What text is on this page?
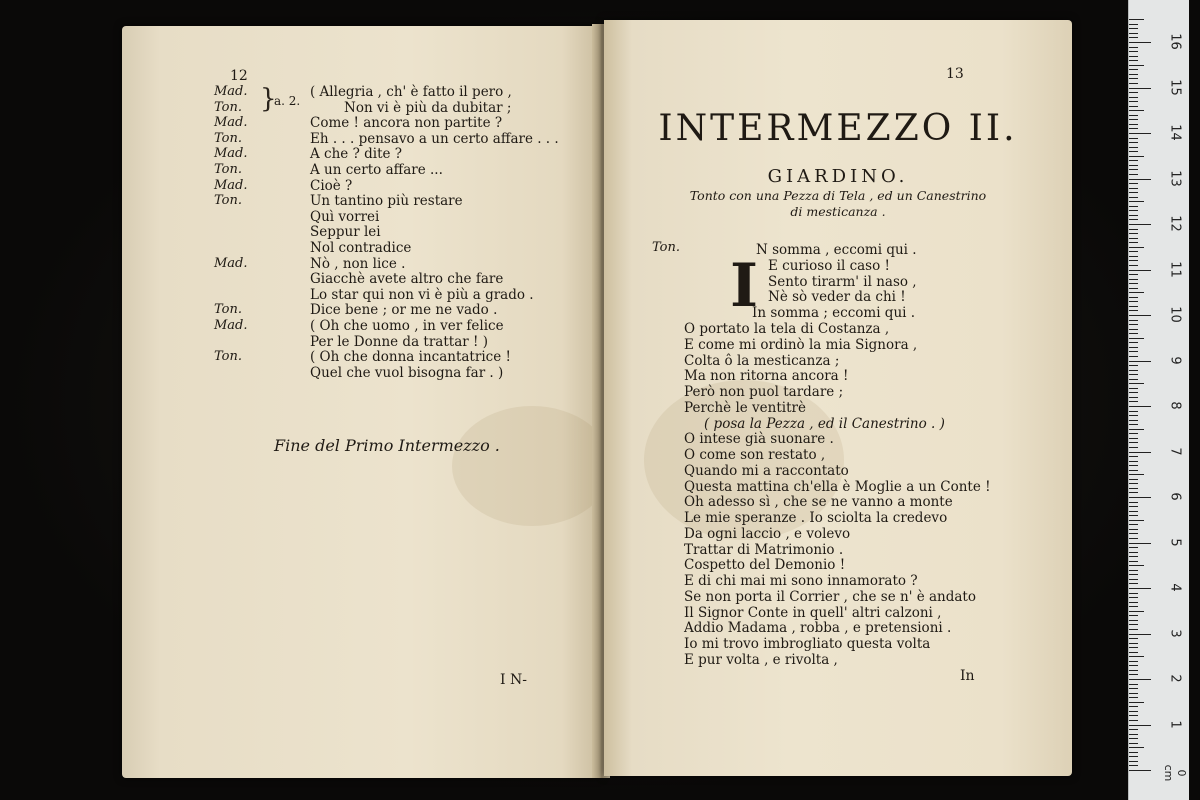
12
}
a. 2.
Mad.	( Allegria , ch' è fatto il pero ,
Ton.	Non vi è più da dubitar ;
Mad.	Come ! ancora non partite ?
Ton.	Eh . . . pensavo a un certo affare . . .
Mad.	A che ? dite ?
Ton.	A un certo affare ...
Mad.	Cioè ?
Ton.	Un tantino più restare
Quì vorrei
Seppur lei
Nol contradice
Mad.	Nò , non lice .
Giacchè avete altro che fare
Lo star qui non vi è più a grado .
Ton.	Dice bene ; or me ne vado .
Mad.	( Oh che uomo , in ver felice
Per le Donne da trattar ! )
Ton.	( Oh che donna incantatrice !
Quel che vuol bisogna far . )
Fine del Primo Intermezzo .
I N-
13
INTERMEZZO II.
GIARDINO.
Tonto con una Pezza di Tela , ed un Canestrino
di mesticanza .
Ton.
I
N somma , eccomi qui .
E curioso il caso !
Sento tirarm' il naso ,
Nè sò veder da chi !
In somma ; eccomi qui .
O portato la tela di Costanza ,
E come mi ordinò la mia Signora ,
Colta ô la mesticanza ;
Ma non ritorna ancora !
Però non puol tardare ;
Perchè le ventitrè
( posa la Pezza , ed il Canestrino . )
O intese già suonare .
O come son restato ,
Quando mi a raccontato
Questa mattina ch'ella è Moglie a un Conte !
Oh adesso sì , che se ne vanno a monte
Le mie speranze . Io sciolta la credevo
Da ogni laccio , e volevo
Trattar di Matrimonio .
Cospetto del Demonio !
E di chi mai mi sono innamorato ?
Se non porta il Corrier , che se n' è andato
Il Signor Conte in quell' altri calzoni ,
Addio Madama , robba , e pretensioni .
Io mi trovo imbrogliato questa volta
E pur volta , e rivolta ,
In
0 cm
1
2
3
4
5
6
7
8
9
10
11
12
13
14
15
16
